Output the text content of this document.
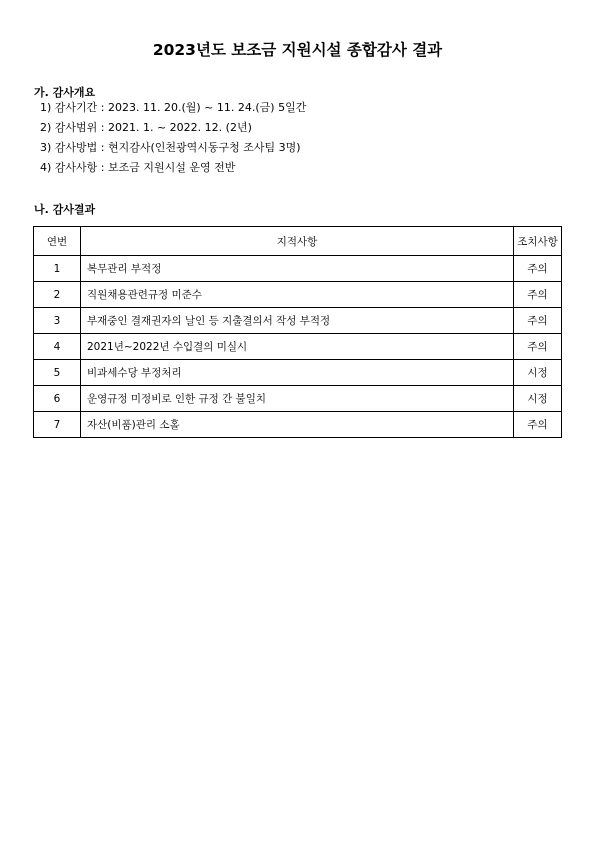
2023년도 보조금 지원시설 종합감사 결과
가. 감사개요
1) 감사기간 : 2023. 11. 20.(월) ~ 11. 24.(금) 5일간
2) 감사범위 : 2021. 1. ~ 2022. 12. (2년)
3) 감사방법 : 현지감사(인천광역시동구청 조사팀 3명)
4) 감사사항 : 보조금 지원시설 운영 전반
나. 감사결과
연번	지적사항	조치사항
1	복무관리 부적정	주의
2	직원채용관련규정 미준수	주의
3	부재중인 결재권자의 날인 등 지출결의서 작성 부적정	주의
4	2021년~2022년 수입결의 미실시	주의
5	비과세수당 부정처리	시정
6	운영규정 미정비로 인한 규정 간 불일치	시정
7	자산(비품)관리 소홀	주의
